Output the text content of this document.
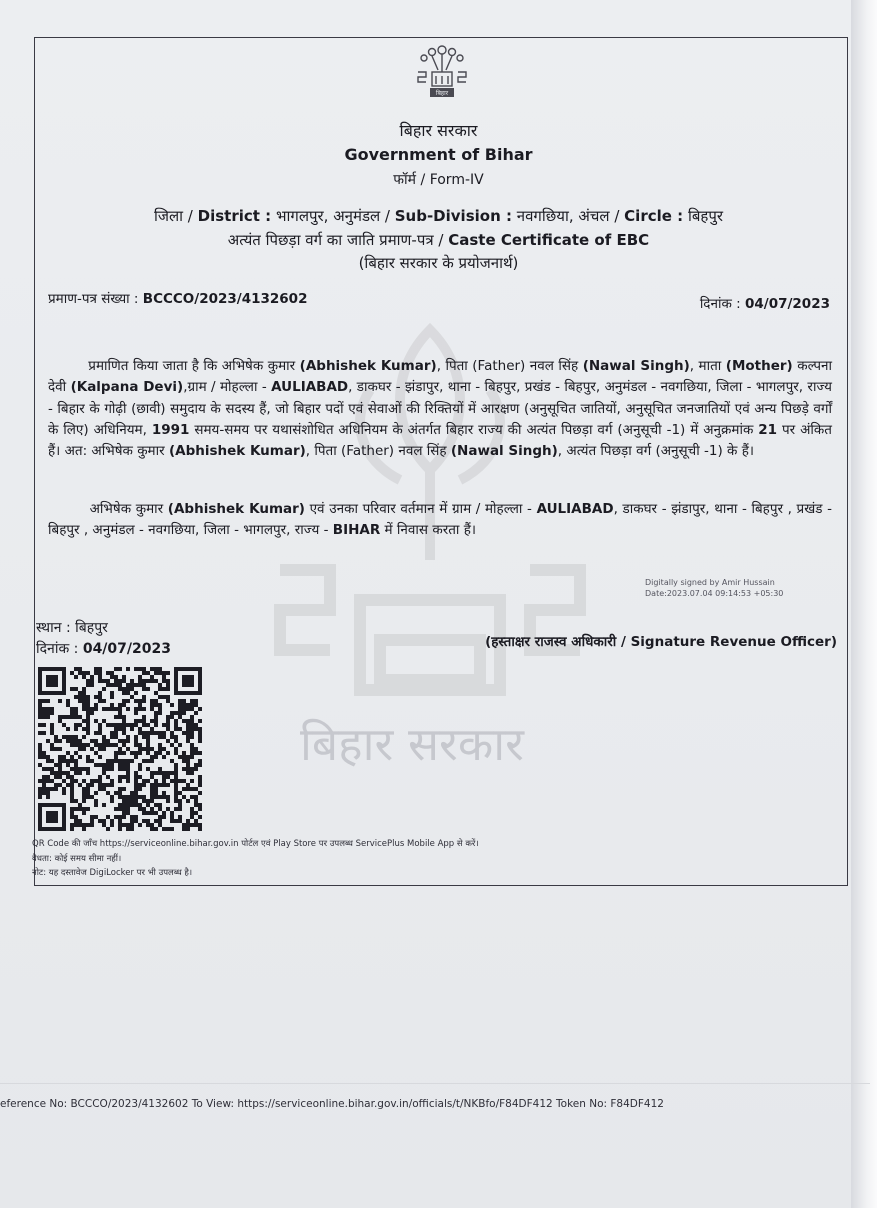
बिहार सरकार
बिहार
बिहार सरकार
Government of Bihar
फॉर्म / Form-IV
जिला / District : भागलपुर, अनुमंडल / Sub-Division : नवगछिया, अंचल / Circle : बिहपुर
अत्यंत पिछड़ा वर्ग का जाति प्रमाण-पत्र / Caste Certificate of EBC
(बिहार सरकार के प्रयोजनार्थ)
प्रमाण-पत्र संख्या : BCCCO/2023/4132602	दिनांक : 04/07/2023
प्रमाणित किया जाता है कि अभिषेक कुमार (Abhishek Kumar), पिता (Father) नवल सिंह (Nawal Singh), माता (Mother) कल्पना देवी (Kalpana Devi),ग्राम / मोहल्ला - AULIABAD, डाकघर - झंडापुर, थाना - बिहपुर, प्रखंड - बिहपुर, अनुमंडल - नवगछिया, जिला - भागलपुर, राज्य - बिहार के गोढ़ी (छावी) समुदाय के सदस्य हैं, जो बिहार पदों एवं सेवाओं की रिक्तियों में आरक्षण (अनुसूचित जातियों, अनुसूचित जनजातियों एवं अन्य पिछड़े वर्गों के लिए) अधिनियम, 1991 समय-समय पर यथासंशोधित अधिनियम के अंतर्गत बिहार राज्य की अत्यंत पिछड़ा वर्ग (अनुसूची -1) में अनुक्रमांक 21 पर अंकित हैं। अत: अभिषेक कुमार (Abhishek Kumar), पिता (Father) नवल सिंह (Nawal Singh), अत्यंत पिछड़ा वर्ग (अनुसूची -1) के हैं।
अभिषेक कुमार (Abhishek Kumar) एवं उनका परिवार वर्तमान में ग्राम / मोहल्ला - AULIABAD, डाकघर - झंडापुर, थाना - बिहपुर , प्रखंड - बिहपुर , अनुमंडल - नवगछिया, जिला - भागलपुर, राज्य - BIHAR में निवास करता हैं।
Digitally signed by Amir Hussain
Date:2023.07.04 09:14:53 +05:30
स्थान : बिहपुर
दिनांक : 04/07/2023	(हस्ताक्षर राजस्व अधिकारी / Signature Revenue Officer)
QR Code की जाँच https://serviceonline.bihar.gov.in पोर्टल एवं Play Store पर उपलब्ध ServicePlus Mobile App से करें।
वैधता: कोई समय सीमा नहीं।
नोट: यह दस्तावेज DigiLocker पर भी उपलब्ध है।
eference No: BCCCO/2023/4132602 To View: https://serviceonline.bihar.gov.in/officials/t/NKBfo/F84DF412 Token No: F84DF412
